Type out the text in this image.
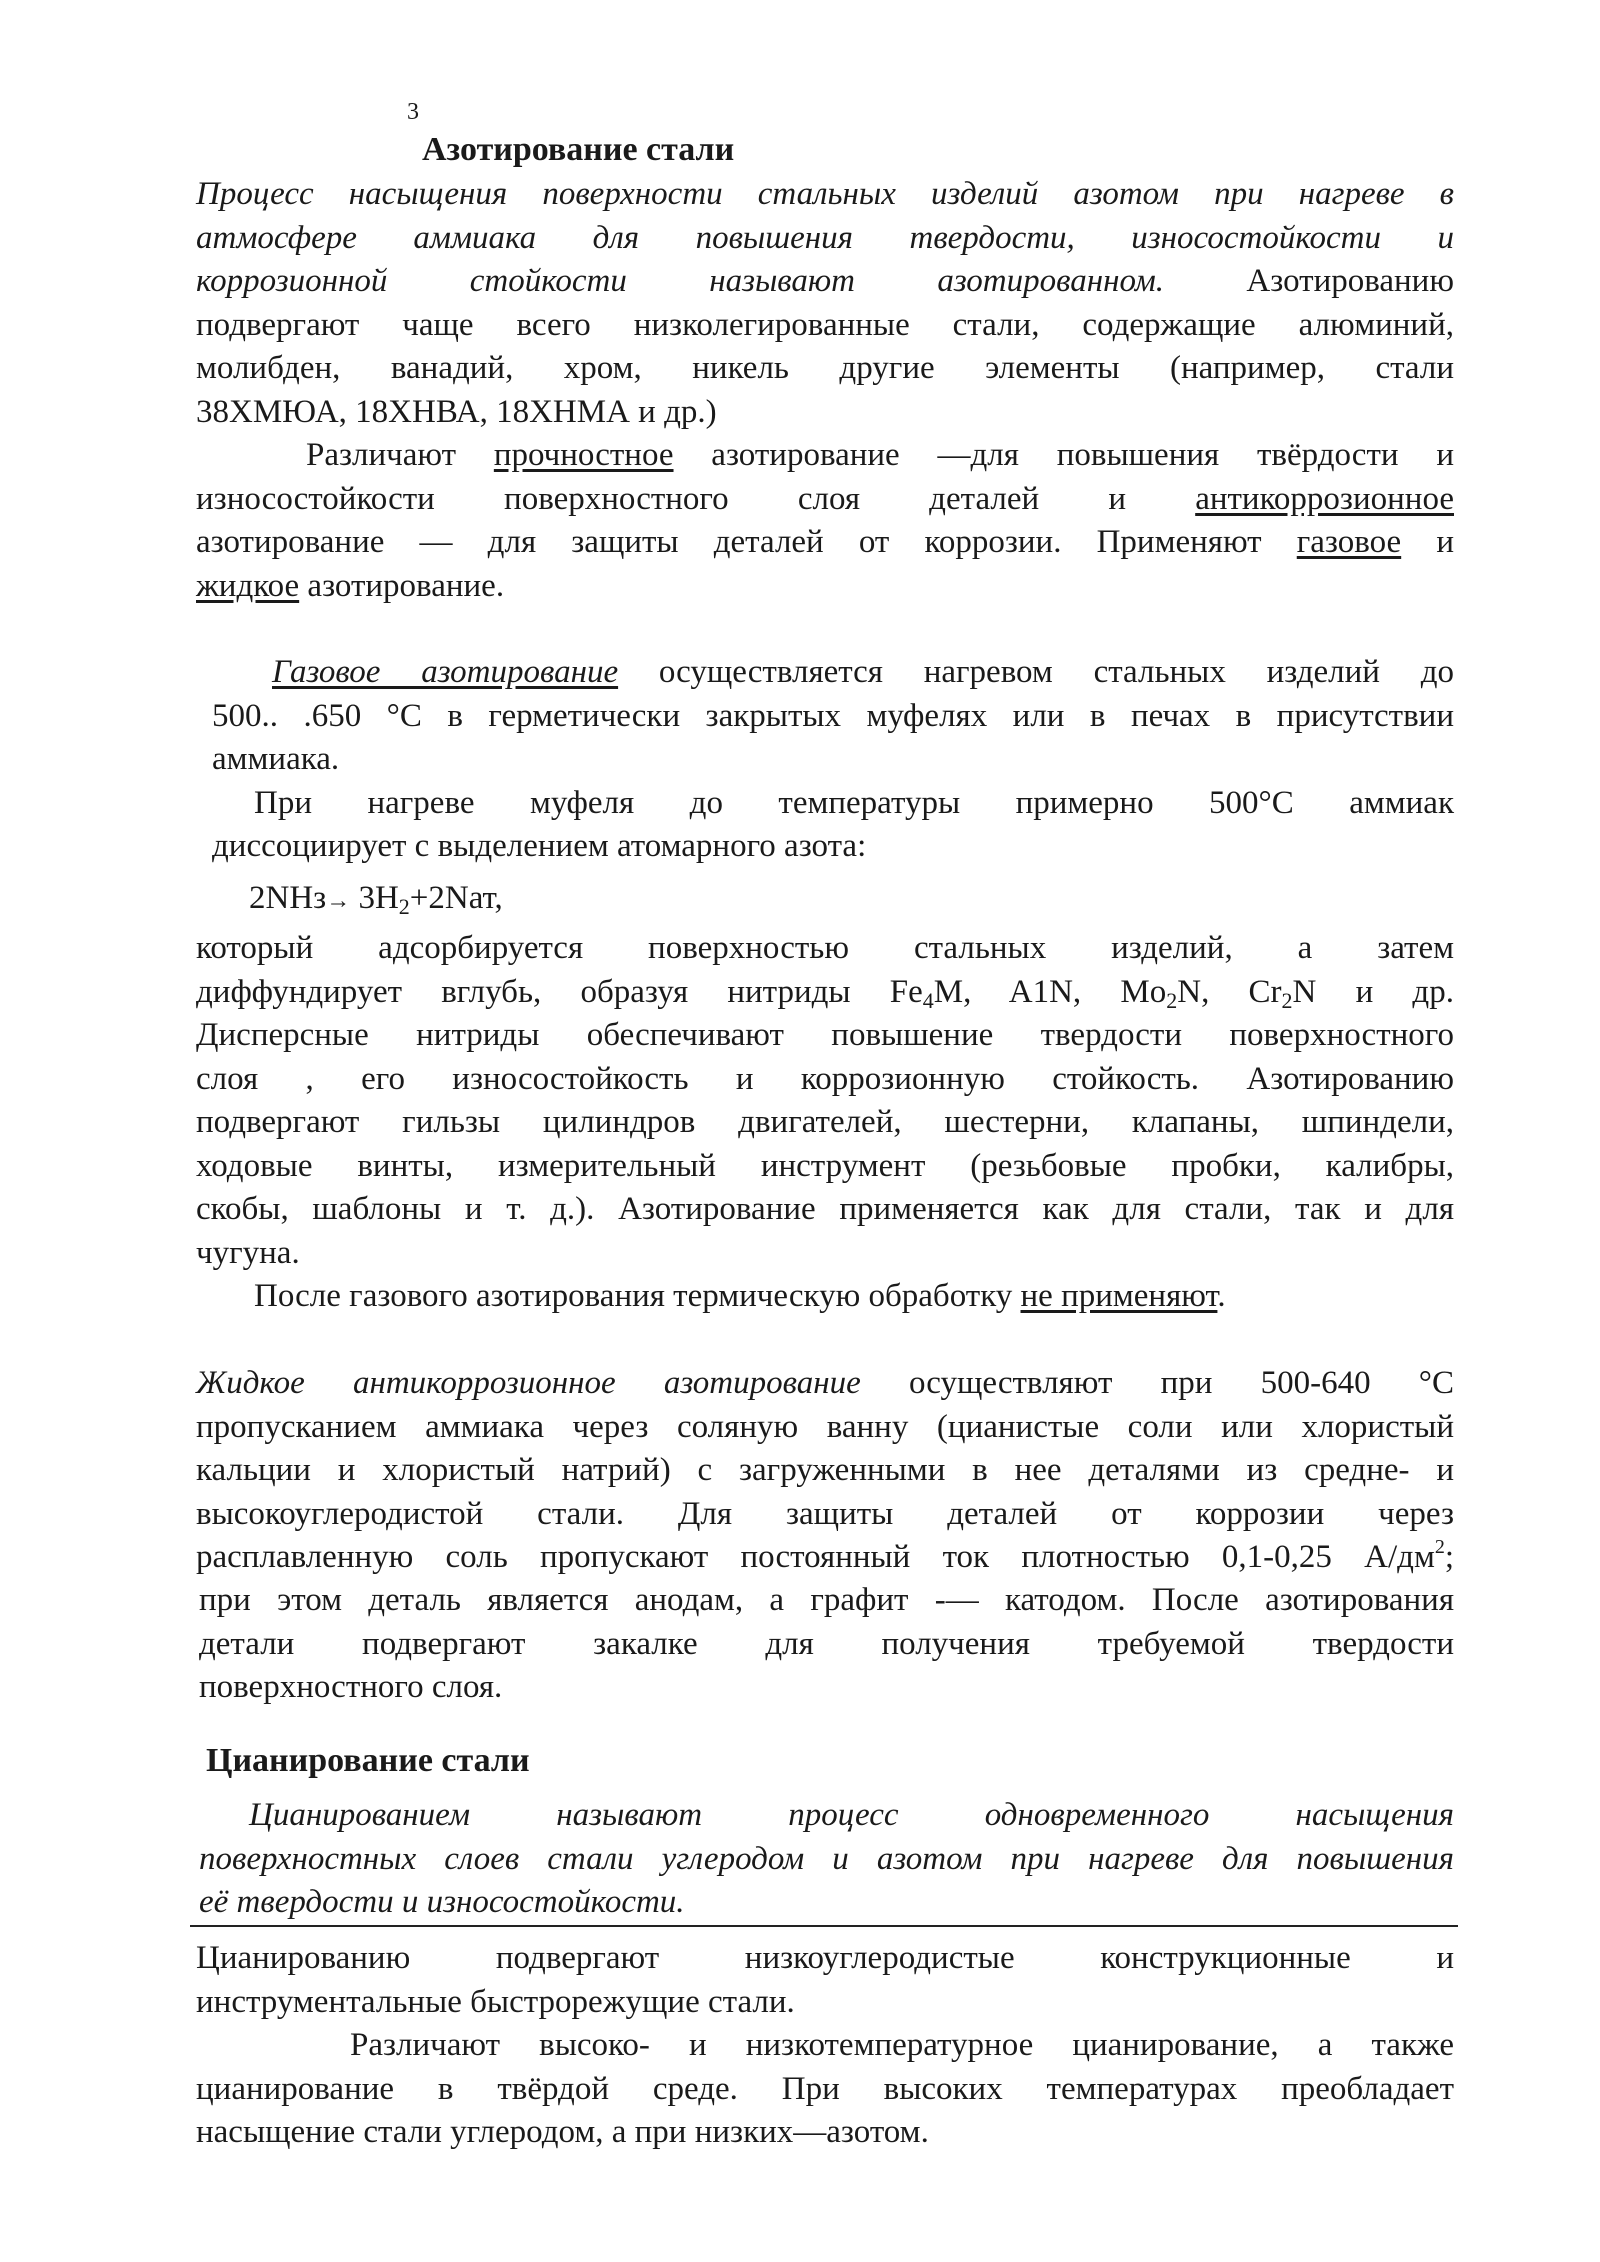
3
Азотирование стали
Процесс насыщения поверхности стальных изделий азотом при нагреве в
атмосфере аммиака для повышения твердости, износостойкости и
коррозионной стойкости называют азотированном. Азотированию
подвергают чаще всего низколегированные стали, содержащие алюминий,
молибден, ванадий, хром, никель другие элементы (например, стали
38ХМЮА, 18ХНВА, 18ХНМА и др.)
Различают прочностное азотирование —для повышения твёрдости и
износостойкости поверхностного слоя деталей и антикоррозионное
азотирование — для защиты деталей от коррозии. Применяют газовое и
жидкое азотирование.
Газовое азотирование осуществляется нагревом стальных изделий до
500.. .650 °С в герметически закрытых муфелях или в печах в присутствии
аммиака.
При нагреве муфеля до температуры примерно 500°С аммиак
диссоциирует с выделением атомарного азота:
$2NHз\to 3H_2+2Nат$,
который адсорбируется поверхностью стальных изделий, а затем
диффундирует вглубь, образуя нитриды $Fe_4M$, A1N, $Mo_2N$, $Cr_2N$ и др.
Дисперсные нитриды обеспечивают повышение твердости поверхностного
слоя , его износостойкость и коррозионную стойкость. Азотированию
подвергают гильзы цилиндров двигателей, шестерни, клапаны, шпиндели,
ходовые винты, измерительный инструмент (резьбовые пробки, калибры,
скобы, шаблоны и т. д.). Азотирование применяется как для стали, так и для
чугуна.
После газового азотирования термическую обработку не применяют.
Жидкое антикоррозионное азотирование осуществляют при 500-640 °С
пропусканием аммиака через соляную ванну (цианистые соли или хлористый
кальции и хлористый натрий) с загруженными в нее деталями из средне- и
высокоуглеродистой стали. Для защиты деталей от коррозии через
расплавленную соль пропускают постоянный ток плотностью 0,1-0,25 $А/дм^2$;
при этом деталь является анодам, а графит -— катодом. После азотирования
детали подвергают закалке для получения требуемой твердости
поверхностного слоя.
Цианирование стали
Цианированием называют процесс одновременного насыщения
поверхностных слоев стали углеродом и азотом при нагреве для повышения
её твердости и износостойкости.
Цианированию подвергают низкоуглеродистые конструкционные и
инструментальные быстрорежущие стали.
Различают высоко- и низкотемпературное цианирование, а также
цианирование в твёрдой среде. При высоких температурах преобладает
насыщение стали углеродом, а при низких—азотом.
